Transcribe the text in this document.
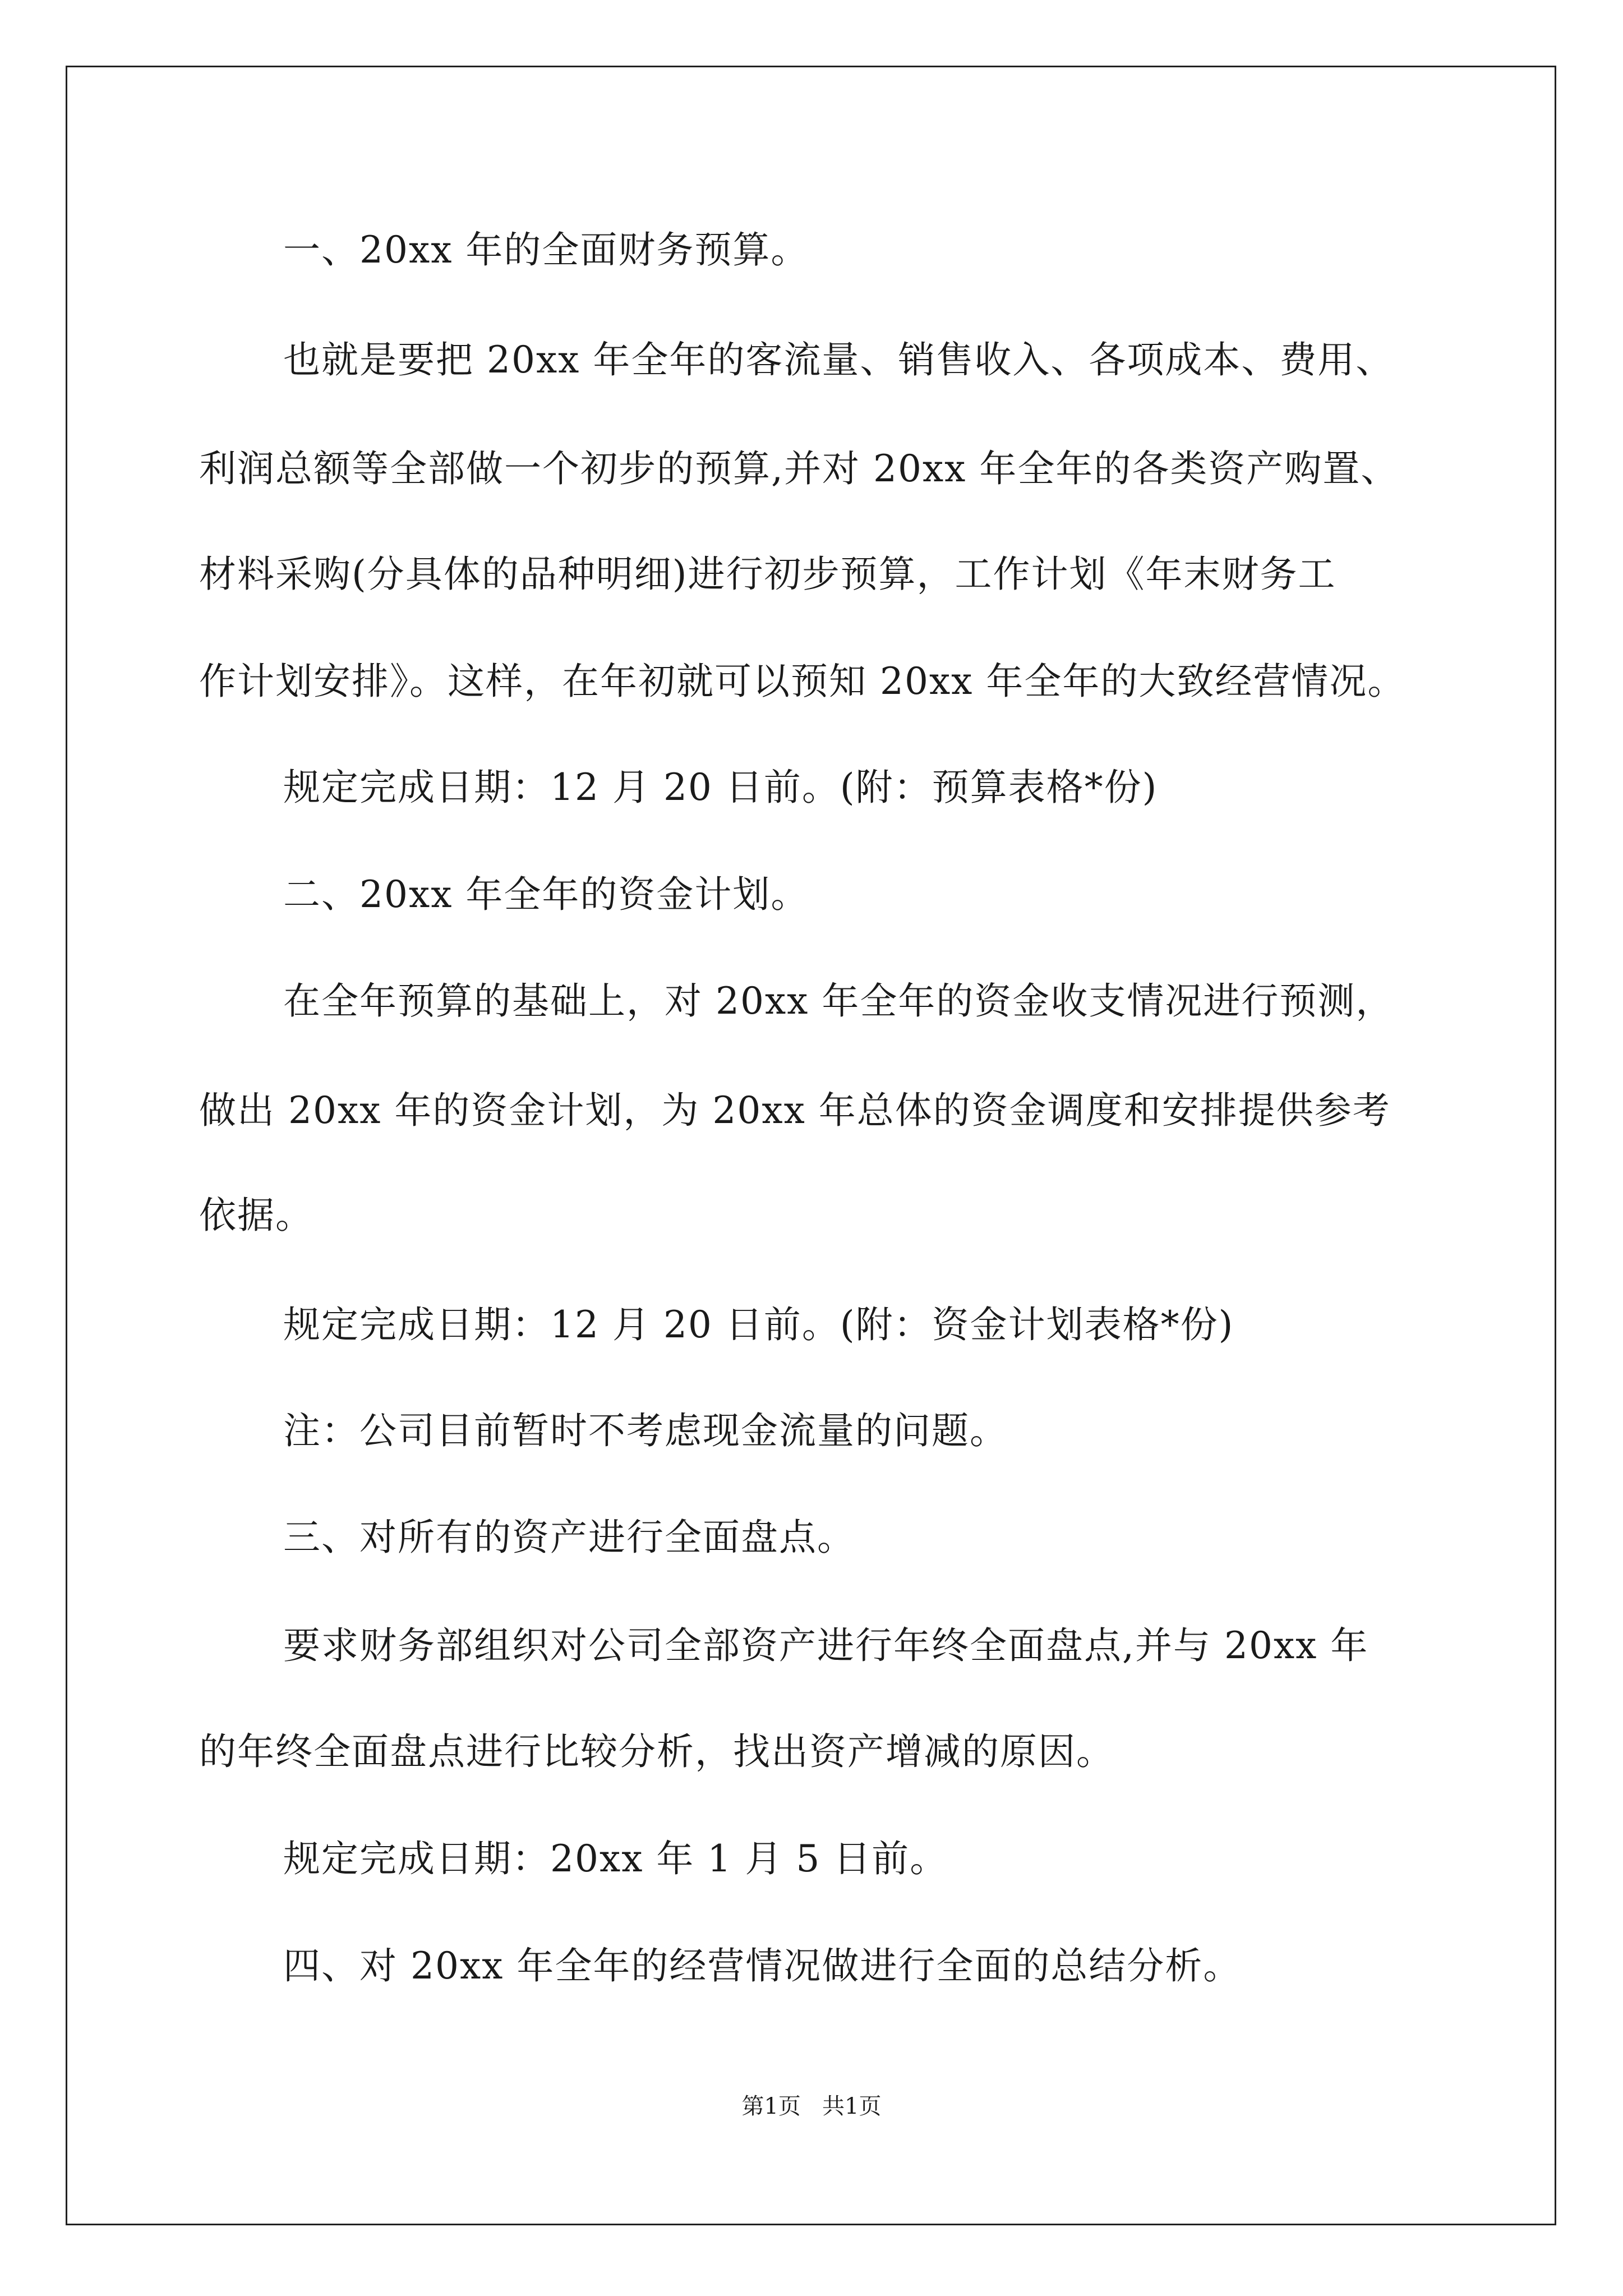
一、20xx 年的全面财务预算。
也就是要把 20xx 年全年的客流量、销售收入、各项成本、费用、
利润总额等全部做一个初步的预算,并对 20xx 年全年的各类资产购置、
材料采购(分具体的品种明细)进行初步预算，工作计划《年末财务工
作计划安排》。这样，在年初就可以预知 20xx 年全年的大致经营情况。
规定完成日期：12 月 20 日前。(附：预算表格*份)
二、20xx 年全年的资金计划。
在全年预算的基础上，对 20xx 年全年的资金收支情况进行预测，
做出 20xx 年的资金计划，为 20xx 年总体的资金调度和安排提供参考
依据。
规定完成日期：12 月 20 日前。(附：资金计划表格*份)
注：公司目前暂时不考虑现金流量的问题。
三、对所有的资产进行全面盘点。
要求财务部组织对公司全部资产进行年终全面盘点,并与 20xx 年
的年终全面盘点进行比较分析，找出资产增减的原因。
规定完成日期：20xx 年 1 月 5 日前。
四、对 20xx 年全年的经营情况做进行全面的总结分析。
第1页   共1页
